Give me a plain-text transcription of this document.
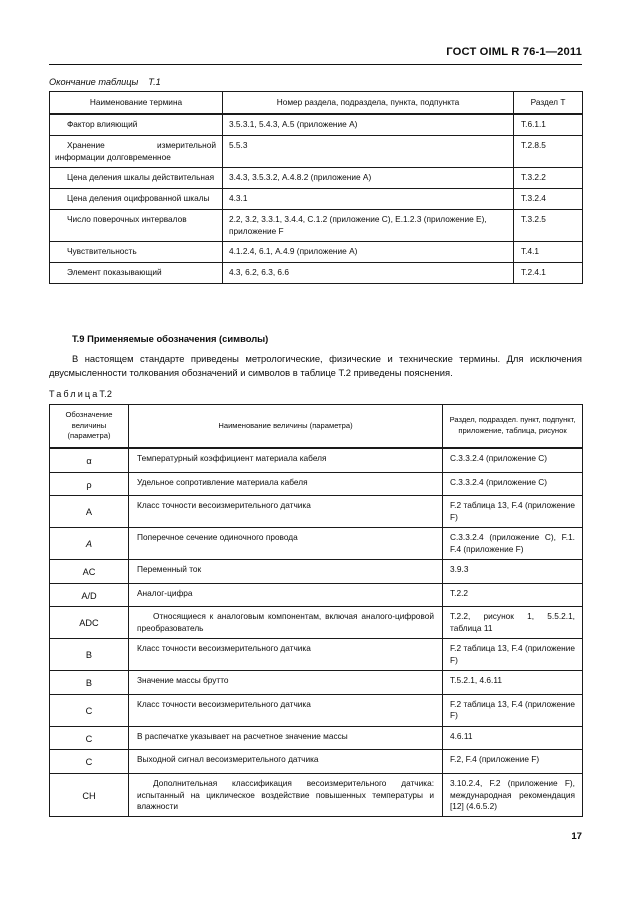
ГОСТ OIML R 76-1—2011
Окончание таблицы Т.1
Наименование термина	Номер раздела, подраздела, пункта, подпункта	Раздел Т
Фактор влияющий	3.5.3.1, 5.4.3, А.5 (приложение А)	Т.6.1.1
Хранение измерительной информации долговременное	5.5.3	Т.2.8.5
Цена деления шкалы действительная	3.4.3, 3.5.3.2, А.4.8.2 (приложение А)	Т.3.2.2
Цена деления оцифрованной шкалы	4.3.1	Т.3.2.4
Число поверочных интервалов	2.2, 3.2, 3.3.1, 3.4.4, С.1.2 (приложение С), Е.1.2.3 (приложение Е), приложение F	Т.3.2.5
Чувствительность	4.1.2.4, 6.1, А.4.9 (приложение А)	Т.4.1
Элемент показывающий	4.3, 6.2, 6.3, 6.6	Т.2.4.1
Т.9 Применяемые обозначения (символы)
В настоящем стандарте приведены метрологические, физические и технические термины. Для исключения двусмысленности толкования обозначений и символов в таблице Т.2 приведены пояснения.
ТаблицаТ.2
Обозначение величины (параметра)	Наименование величины (параметра)	Раздел, подраздел. пункт, подпункт, приложение, таблица, рисунок
α	Температурный коэффициент материала кабеля	С.3.3.2.4 (приложение С)
ρ	Удельное сопротивление материала кабеля	С.3.3.2.4 (приложение С)
A	Класс точности весоизмерительного датчика	F.2 таблица 13, F.4 (приложение F)
A	Поперечное сечение одиночного провода	С.3.3.2.4 (приложение С), F.1. F.4 (приложение F)
AC	Переменный ток	3.9.3
A/D	Аналог-цифра	Т.2.2
ADC	Относящиеся к аналоговым компонентам, включая аналого-цифровой преобразователь	Т.2.2, рисунок 1, 5.5.2.1, таблица 11
B	Класс точности весоизмерительного датчика	F.2 таблица 13, F.4 (приложение F)
B	Значение массы брутто	Т.5.2.1, 4.6.11
C	Класс точности весоизмерительного датчика	F.2 таблица 13, F.4 (приложение F)
C	В распечатке указывает на расчетное значение массы	4.6.11
C	Выходной сигнал весоизмерительного датчика	F.2, F.4 (приложение F)
CH	Дополнительная классификация весоизмерительного датчика: испытанный на циклическое воздействие повышенных температуры и влажности	3.10.2.4, F.2 (приложение F), международная рекомендация [12] (4.6.5.2)
17
